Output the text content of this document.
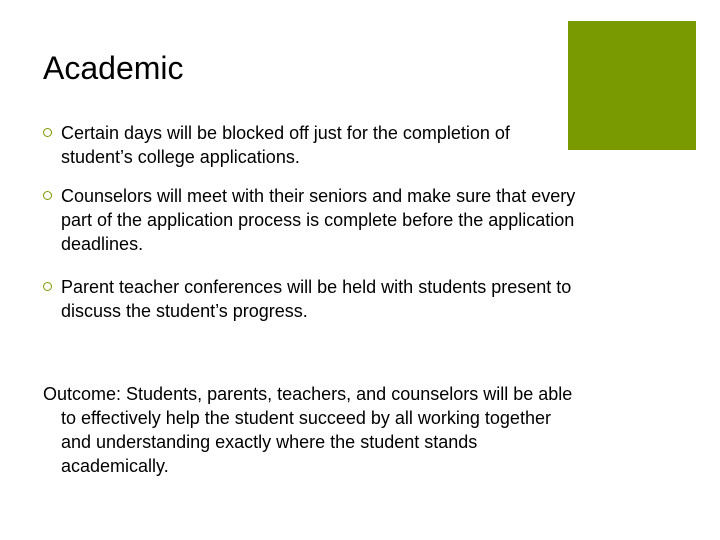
Academic
Certain days will be blocked off just for the completion of student’s college applications.
Counselors will meet with their seniors and make sure that every part of the application process is complete before the application deadlines.
Parent teacher conferences will be held with students present to discuss the student’s progress.
Outcome: Students, parents, teachers, and counselors will be able to effectively help the student succeed by all working together and understanding exactly where the student stands academically.
